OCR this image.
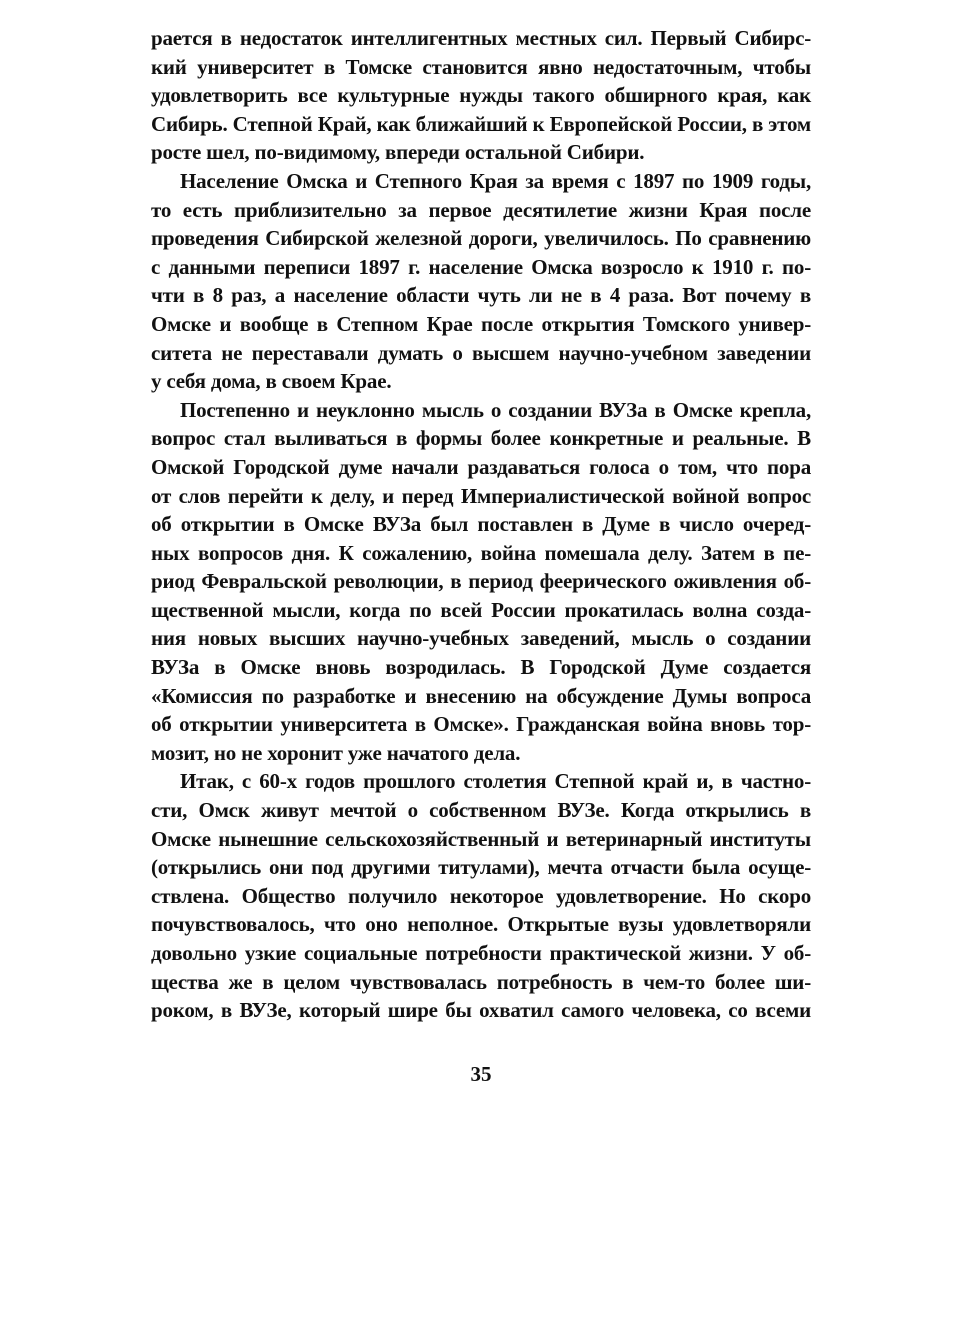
рается в недостаток интеллигентных местных сил. Первый Сибирс-
кий университет в Томске становится явно недостаточным, чтобы
удовлетворить все культурные нужды такого обширного края, как
Сибирь. Степной Край, как ближайший к Европейской России, в этом
росте шел, по-видимому, впереди остальной Сибири.
Население Омска и Степного Края за время с 1897 по 1909 годы,
то есть приблизительно за первое десятилетие жизни Края после
проведения Сибирской железной дороги, увеличилось. По сравнению
с данными переписи 1897 г. население Омска возросло к 1910 г. по-
чти в 8 раз, а население области чуть ли не в 4 раза. Вот почему в
Омске и вообще в Степном Крае после открытия Томского универ-
ситета не переставали думать о высшем научно-учебном заведении
у себя дома, в своем Крае.
Постепенно и неуклонно мысль о создании ВУЗа в Омске крепла,
вопрос стал выливаться в формы более конкретные и реальные. В
Омской Городской думе начали раздаваться голоса о том, что пора
от слов перейти к делу, и перед Империалистической войной вопрос
об открытии в Омске ВУЗа был поставлен в Думе в число очеред-
ных вопросов дня. К сожалению, война помешала делу. Затем в пе-
риод Февральской революции, в период феерического оживления об-
щественной мысли, когда по всей России прокатилась волна созда-
ния новых высших научно-учебных заведений, мысль о создании
ВУЗа в Омске вновь возродилась. В Городской Думе создается
«Комиссия по разработке и внесению на обсуждение Думы вопроса
об открытии университета в Омске». Гражданская война вновь тор-
мозит, но не хоронит уже начатого дела.
Итак, с 60-х годов прошлого столетия Степной край и, в частно-
сти, Омск живут мечтой о собственном ВУЗе. Когда открылись в
Омске нынешние сельскохозяйственный и ветеринарный институты
(открылись они под другими титулами), мечта отчасти была осуще-
ствлена. Общество получило некоторое удовлетворение. Но скоро
почувствовалось, что оно неполное. Открытые вузы удовлетворяли
довольно узкие социальные потребности практической жизни. У об-
щества же в целом чувствовалась потребность в чем-то более ши-
роком, в ВУЗе, который шире бы охватил самого человека, со всеми
35
